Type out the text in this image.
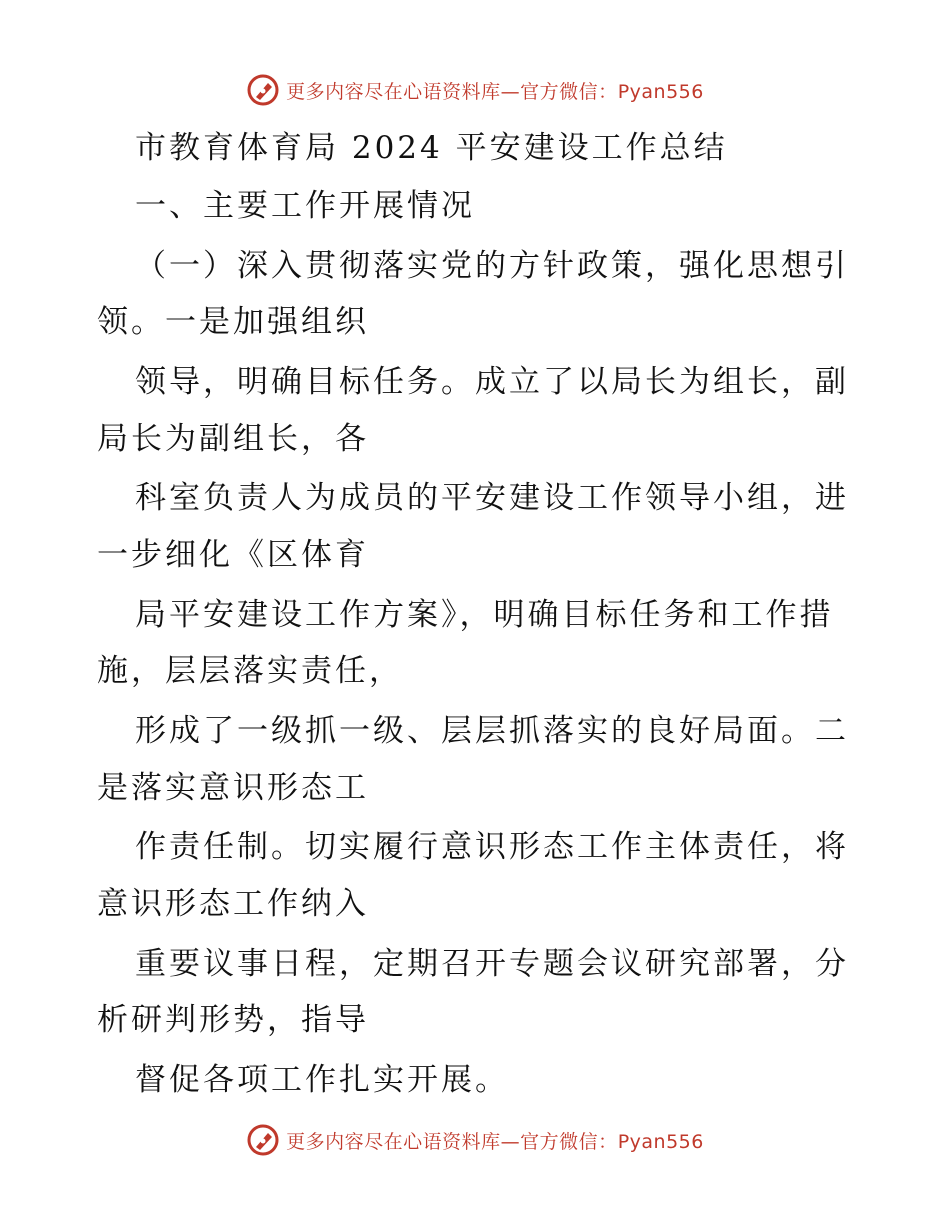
更多内容尽在心语资料库—官方微信：Pyan556
市教育体育局 2024 平安建设工作总结
一、主要工作开展情况
（一）深入贯彻落实党的方针政策，强化思想引
领。一是加强组织
领导，明确目标任务。成立了以局长为组长，副
局长为副组长，各
科室负责人为成员的平安建设工作领导小组，进
一步细化《区体育
局平安建设工作方案》，明确目标任务和工作措
施，层层落实责任，
形成了一级抓一级、层层抓落实的良好局面。二
是落实意识形态工
作责任制。切实履行意识形态工作主体责任，将
意识形态工作纳入
重要议事日程，定期召开专题会议研究部署，分
析研判形势，指导
督促各项工作扎实开展。
更多内容尽在心语资料库—官方微信：Pyan556
